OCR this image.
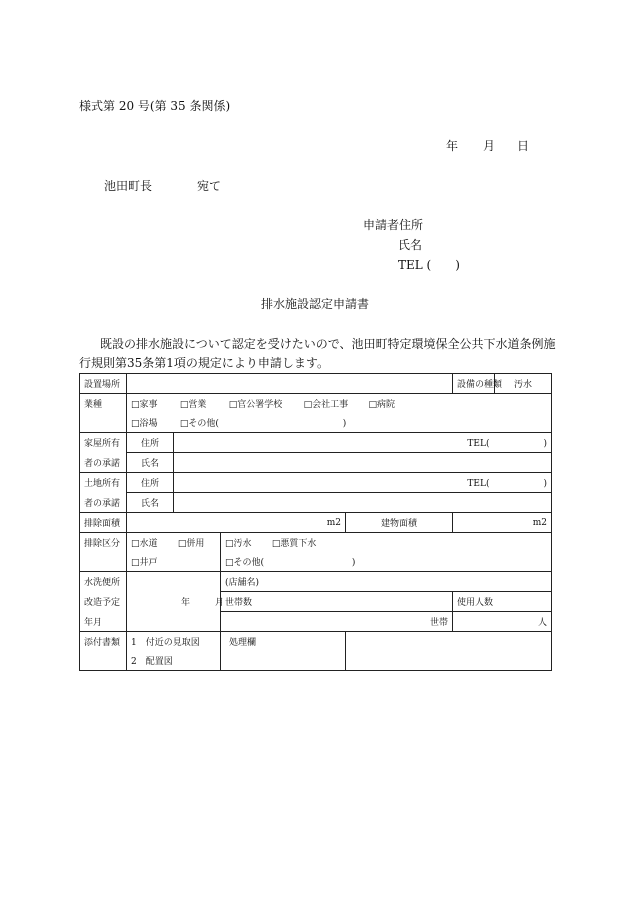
様式第 20 号(第 35 条関係)
年 月 日
池田町長	宛て
申請者住所
氏名
TEL (　　)
排水施設認定申請書
既設の排水施設について認定を受けたいので、池田町特定環境保全公共下水道条例施
行規則第35条第1項の規定により申請します。
設置場所					設備の種類	汚水
業種	□家事 □営業 □官公署学校 □会社工事 □病院					
	□浴場 □その他( )					
家屋所有	住所	TEL(　　　　　　)				
者の承諾	氏名					
土地所有	住所	TEL(　　　　　　)				
者の承諾	氏名					
排除面積	m2			建物面積	m2	
排除区分	□水道 □併用		□汚水 □悪質下水			
	□井戸		□その他( )			
水洗便所			(店舗名)			
改造予定	年 月		世帯数		使用人数	
年月			世帯		人	
添付書類	1　付近の見取図		処理欄			
	2　配置図					
